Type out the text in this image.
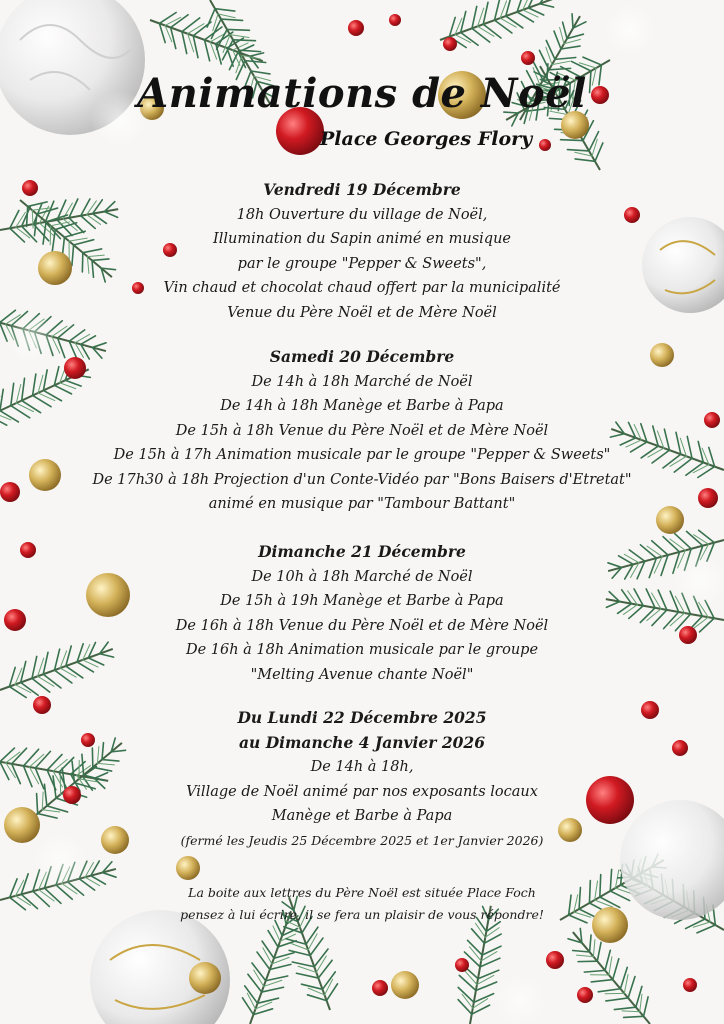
Animations de Noël
Place Georges Flory
Vendredi 19 Décembre
18h Ouverture du village de Noël,
Illumination du Sapin animé en musique
par le groupe "Pepper & Sweets",
Vin chaud et chocolat chaud offert par la municipalité
Venue du Père Noël et de Mère Noël
Samedi 20 Décembre
De 14h à 18h Marché de Noël
De 14h à 18h Manège et Barbe à Papa
De 15h à 18h Venue du Père Noël et de Mère Noël
De 15h à 17h Animation musicale par le groupe "Pepper & Sweets"
De 17h30 à 18h Projection d'un Conte-Vidéo par "Bons Baisers d'Etretat"
animé en musique par "Tambour Battant"
Dimanche 21 Décembre
De 10h à 18h Marché de Noël
De 15h à 19h Manège et Barbe à Papa
De 16h à 18h Venue du Père Noël et de Mère Noël
De 16h à 18h Animation musicale par le groupe
"Melting Avenue chante Noël"
Du Lundi 22 Décembre 2025
au Dimanche 4 Janvier 2026
De 14h à 18h,
Village de Noël animé par nos exposants locaux
Manège et Barbe à Papa
(fermé les Jeudis 25 Décembre 2025 et 1er Janvier 2026)
La boite aux lettres du Père Noël est située Place Foch
pensez à lui écrire, il se fera un plaisir de vous répondre!
